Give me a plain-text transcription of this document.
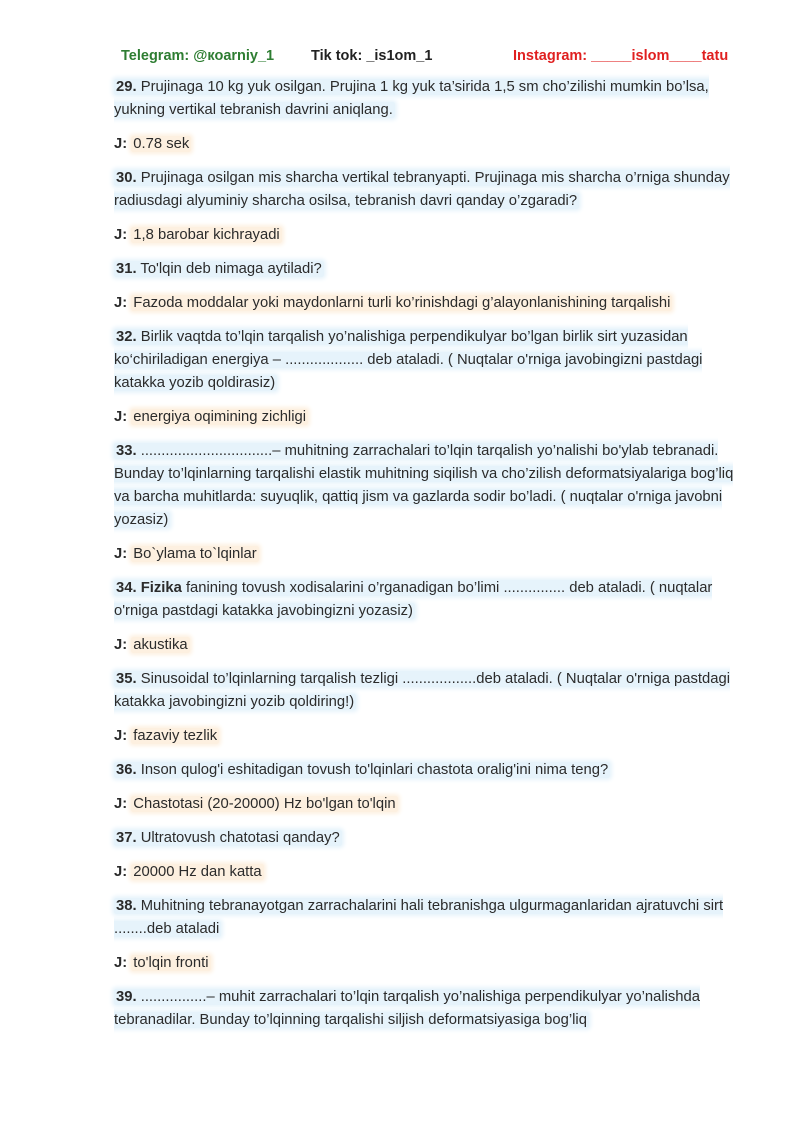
Telegram: @коarniy_1	Tik tok: _is1om_1	Instagram: _____islom____tatu

29. Prujinaga 10 kg yuk osilgan. Prujina 1 kg yuk ta’sirida 1,5 sm cho’zilishi mumkin bo’lsa, yukning vertikal tebranish davrini aniqlang.

J: 0.78 sek

30. Prujinaga osilgan mis sharcha vertikal tebranyapti. Prujinaga mis sharcha o’rniga shunday radiusdagi alyuminiy sharcha osilsa, tebranish davri qanday o’zgaradi?

J: 1,8 barobar kichrayadi

31. To'lqin deb nimaga aytiladi?

J: Fazoda moddalar yoki maydonlarni turli ko’rinishdagi g’alayonlanishining tarqalishi

32. Birlik vaqtda to’lqin tarqalish yo’nalishiga perpendikulyar bo’lgan birlik sirt yuzasidan ko‘chiriladigan energiya – ................... deb ataladi. ( Nuqtalar o'rniga javobingizni pastdagi katakka yozib qoldirasiz)

J: energiya oqimining zichligi

33. ................................– muhitning zarrachalari to’lqin tarqalish yo’nalishi bo'ylab tebranadi. Bunday to’lqinlarning tarqalishi elastik muhitning siqilish va cho’zilish deformatsiyalariga bog’liq va barcha muhitlarda: suyuqlik, qattiq jism va gazlarda sodir bo’ladi. ( nuqtalar o'rniga javobni yozasiz)

J: Bo`ylama to`lqinlar

34. Fizika fanining tovush xodisalarini o’rganadigan bo’limi ............... deb ataladi. ( nuqtalar o'rniga pastdagi katakka javobingizni yozasiz)

J: akustika

35. Sinusoidal to’lqinlarning tarqalish tezligi ..................deb ataladi. ( Nuqtalar o'rniga pastdagi katakka javobingizni yozib qoldiring!)

J: fazaviy tezlik

36. Inson qulog'i eshitadigan tovush to'lqinlari chastota oralig'ini nima teng?

J: Chastotasi (20-20000) Hz bo'lgan to'lqin

37. Ultratovush chatotasi qanday?

J: 20000 Hz dan katta

38. Muhitning tebranayotgan zarrachalarini hali tebranishga ulgurmaganlaridan ajratuvchi sirt ........deb ataladi

J: to'lqin fronti

39. ................– muhit zarrachalari to’lqin tarqalish yo’nalishiga perpendikulyar yo’nalishda tebranadilar. Bunday to’lqinning tarqalishi siljish deformatsiyasiga bog’liq
